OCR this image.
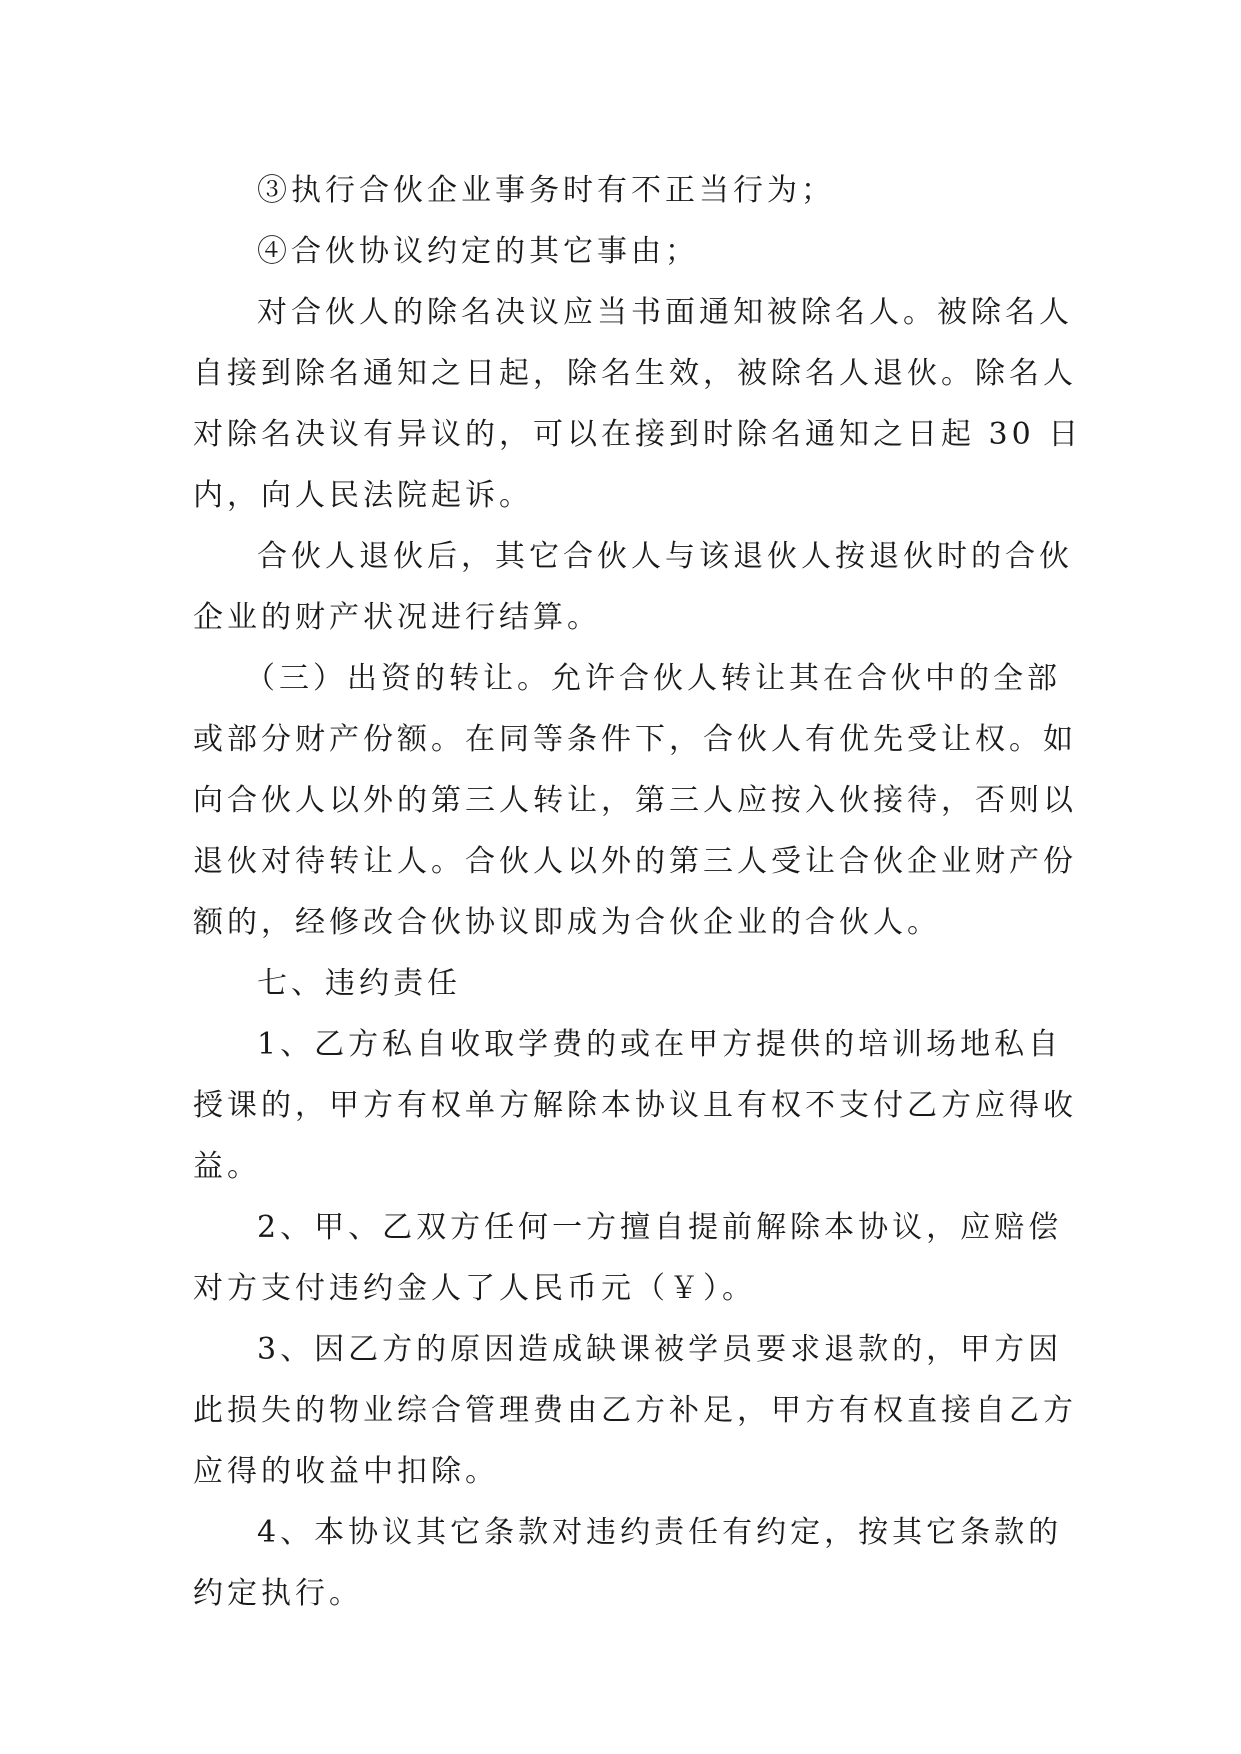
③执行合伙企业事务时有不正当行为；
④合伙协议约定的其它事由；
对合伙人的除名决议应当书面通知被除名人。被除名人
自接到除名通知之日起，除名生效，被除名人退伙。除名人
对除名决议有异议的，可以在接到时除名通知之日起 30 日
内，向人民法院起诉。
合伙人退伙后，其它合伙人与该退伙人按退伙时的合伙
企业的财产状况进行结算。
（三）出资的转让。允许合伙人转让其在合伙中的全部
或部分财产份额。在同等条件下，合伙人有优先受让权。如
向合伙人以外的第三人转让，第三人应按入伙接待，否则以
退伙对待转让人。合伙人以外的第三人受让合伙企业财产份
额的，经修改合伙协议即成为合伙企业的合伙人。
七、违约责任
1、乙方私自收取学费的或在甲方提供的培训场地私自
授课的，甲方有权单方解除本协议且有权不支付乙方应得收
益。
2、甲、乙双方任何一方擅自提前解除本协议，应赔偿
对方支付违约金人了人民币元（￥）。
3、因乙方的原因造成缺课被学员要求退款的，甲方因
此损失的物业综合管理费由乙方补足，甲方有权直接自乙方
应得的收益中扣除。
4、本协议其它条款对违约责任有约定，按其它条款的
约定执行。
